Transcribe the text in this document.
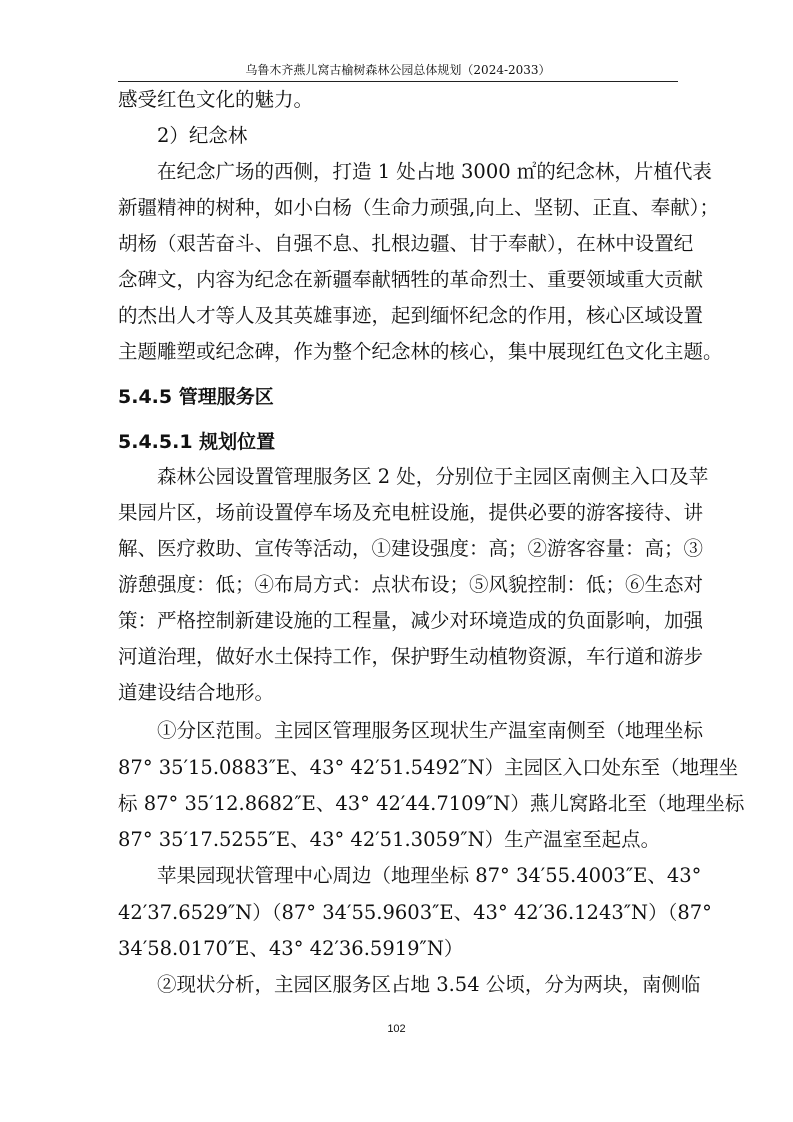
乌鲁木齐燕儿窝古榆树森林公园总体规划（2024-2033）
感受红色文化的魅力。
2）纪念林
在纪念广场的西侧，打造 1 处占地 3000 ㎡的纪念林，片植代表
新疆精神的树种，如小白杨（生命力顽强,向上、坚韧、正直、奉献）；
胡杨（艰苦奋斗、自强不息、扎根边疆、甘于奉献），在林中设置纪
念碑文，内容为纪念在新疆奉献牺牲的革命烈士、重要领域重大贡献
的杰出人才等人及其英雄事迹，起到缅怀纪念的作用，核心区域设置
主题雕塑或纪念碑，作为整个纪念林的核心，集中展现红色文化主题。
5.4.5 管理服务区
5.4.5.1 规划位置
森林公园设置管理服务区 2 处，分别位于主园区南侧主入口及苹
果园片区，场前设置停车场及充电桩设施，提供必要的游客接待、讲
解、医疗救助、宣传等活动，①建设强度：高；②游客容量：高；③
游憩强度：低；④布局方式：点状布设；⑤风貌控制：低；⑥生态对
策：严格控制新建设施的工程量，减少对环境造成的负面影响，加强
河道治理，做好水土保持工作，保护野生动植物资源，车行道和游步
道建设结合地形。
①分区范围。主园区管理服务区现状生产温室南侧至（地理坐标
87° 35′15.0883″E、43° 42′51.5492″N）主园区入口处东至（地理坐
标 87° 35′12.8682″E、43° 42′44.7109″N）燕儿窝路北至（地理坐标
87° 35′17.5255″E、43° 42′51.3059″N）生产温室至起点。
苹果园现状管理中心周边（地理坐标 87° 34′55.4003″E、43°
42′37.6529″N）（87° 34′55.9603″E、43° 42′36.1243″N）（87°
34′58.0170″E、43° 42′36.5919″N）
②现状分析，主园区服务区占地 3.54 公顷，分为两块，南侧临
102
